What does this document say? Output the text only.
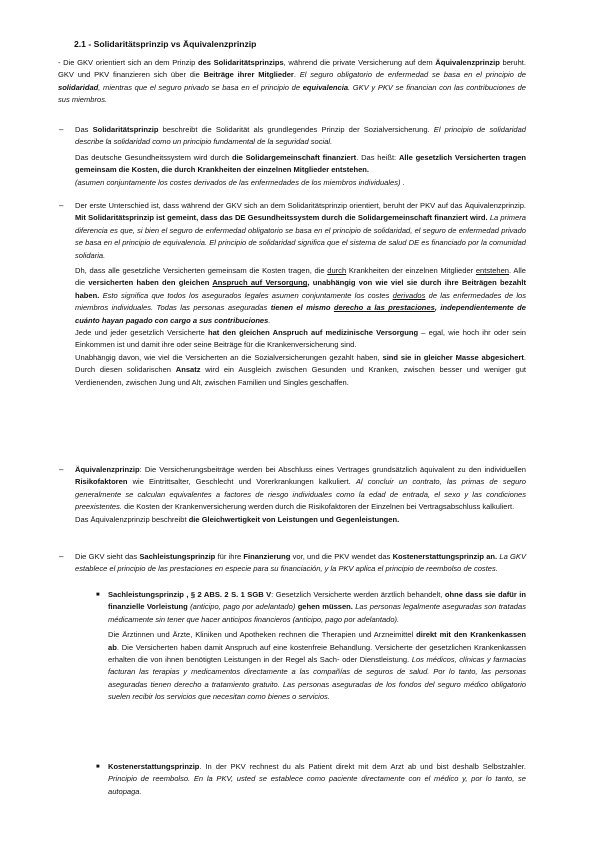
2.1 - Solidaritätsprinzip vs Äquivalenzprinzip
- Die GKV orientiert sich an dem Prinzip des Solidaritätsprinzips, während die private Versicherung auf dem Äquivalenzprinzip beruht. GKV und PKV finanzieren sich über die Beiträge ihrer Mitglieder. El seguro obligatorio de enfermedad se basa en el principio de solidaridad, mientras que el seguro privado se basa en el principio de equivalencia. GKV y PKV se financian con las contribuciones de sus miembros.
– Das Solidaritätsprinzip beschreibt die Solidarität als grundlegendes Prinzip der Sozialversicherung. El principio de solidaridad describe la solidaridad como un principio fundamental de la seguridad social.

Das deutsche Gesundheitssystem wird durch die Solidargemeinschaft finanziert. Das heißt: Alle gesetzlich Versicherten tragen gemeinsam die Kosten, die durch Krankheiten der einzelnen Mitglieder entstehen.

(asumen conjuntamente los costes derivados de las enfermedades de los miembros individuales) .

– Der erste Unterschied ist, dass während der GKV sich an dem Solidaritätsprinzip orientiert, beruht der PKV auf das Äquivalenzprinzip. Mit Solidaritätsprinzip ist gemeint, dass das DE Gesundheitssystem durch die Solidargemeinschaft finanziert wird. La primera diferencia es que, si bien el seguro de enfermedad obligatorio se basa en el principio de solidaridad, el seguro de enfermedad privado se basa en el principio de equivalencia. El principio de solidaridad significa que el sistema de salud DE es financiado por la comunidad solidaria.

Dh, dass alle gesetzliche Versicherten gemeinsam die Kosten tragen, die durch Krankheiten der einzelnen Mitglieder entstehen. Alle die versicherten haben den gleichen Anspruch auf Versorgung, unabhängig von wie viel sie durch ihre Beiträgen bezahlt haben. Esto significa que todos los asegurados legales asumen conjuntamente los costes derivados de las enfermedades de los miembros individuales. Todas las personas aseguradas tienen el mismo derecho a las prestaciones, independientemente de cuánto hayan pagado con cargo a sus contribuciones.

Jede und jeder gesetzlich Versicherte hat den gleichen Anspruch auf medizinische Versorgung – egal, wie hoch ihr oder sein Einkommen ist und damit ihre oder seine Beiträge für die Krankenversicherung sind.

Unabhängig davon, wie viel die Versicherten an die Sozialversicherungen gezahlt haben, sind sie in gleicher Masse abgesichert. Durch diesen solidarischen Ansatz wird ein Ausgleich zwischen Gesunden und Kranken, zwischen besser und weniger gut Verdienenden, zwischen Jung und Alt, zwischen Familien und Singles geschaffen.

– Äquivalenzprinzip: Die Versicherungsbeiträge werden bei Abschluss eines Vertrages grundsätzlich äquivalent zu den individuellen Risikofaktoren wie Eintrittsalter, Geschlecht und Vorerkrankungen kalkuliert. Al concluir un contrato, las primas de seguro generalmente se calculan equivalentes a factores de riesgo individuales como la edad de entrada, el sexo y las condiciones preexistentes. die Kosten der Krankenversicherung werden durch die Risikofaktoren der Einzelnen bei Vertragsabschluss kalkuliert.

Das Äquivalenzprinzip beschreibt die Gleichwertigkeit von Leistungen und Gegenleistungen.

– Die GKV sieht das Sachleistungsprinzip für ihre Finanzierung vor, und die PKV wendet das Kostenerstattungsprinzip an. La GKV establece el principio de las prestaciones en especie para su financiación, y la PKV aplica el principio de reembolso de costes.
■ Sachleistungsprinzip , § 2 ABS. 2 S. 1 SGB V: Gesetzlich Versicherte werden ärztlich behandelt, ohne dass sie dafür in finanzielle Vorleistung (anticipo, pago por adelantado) gehen müssen. Las personas legalmente aseguradas son tratadas médicamente sin tener que hacer anticipos financieros (anticipo, pago por adelantado).

Die Ärztinnen und Ärzte, Kliniken und Apotheken rechnen die Therapien und Arzneimittel direkt mit den Krankenkassen ab. Die Versicherten haben damit Anspruch auf eine kostenfreie Behandlung. Versicherte der gesetzlichen Krankenkassen erhalten die von ihnen benötigten Leistungen in der Regel als Sach- oder Dienstleistung. Los médicos, clínicas y farmacias facturan las terapias y medicamentos directamente a las compañías de seguros de salud. Por lo tanto, las personas aseguradas tienen derecho a tratamiento gratuito. Las personas aseguradas de los fondos del seguro médico obligatorio suelen recibir los servicios que necesitan como bienes o servicios.

■ Kostenerstattungsprinzip. In der PKV rechnest du als Patient direkt mit dem Arzt ab und bist deshalb Selbstzahler. Principio de reembolso. En la PKV, usted se establece como paciente directamente con el médico y, por lo tanto, se autopaga.
